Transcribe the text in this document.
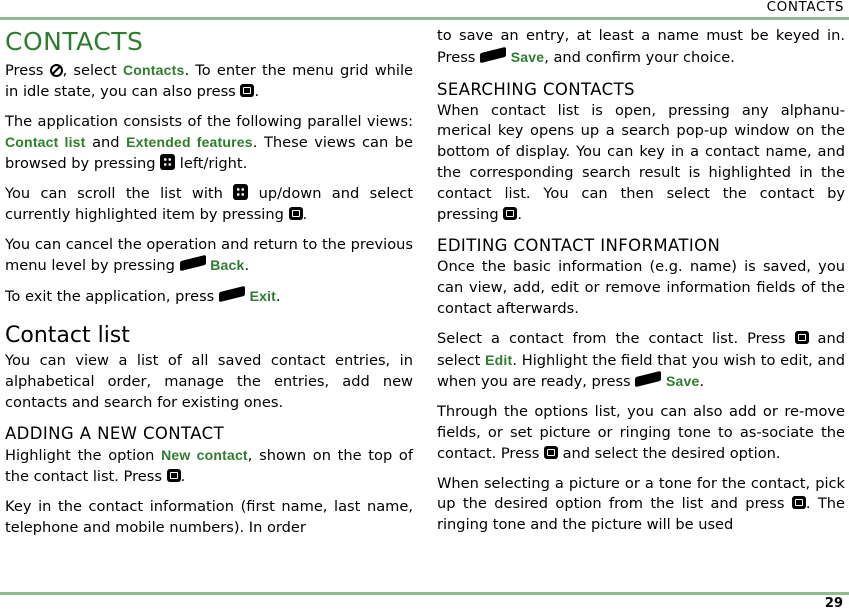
CONTACTS
CONTACTS

Press , select Contacts. To enter the menu grid while in idle state, you can also press .

The application consists of the following parallel views: Contact list and Extended features. These views can be browsed by pressing  left/right.

You can scroll the list with  up/down and select currently highlighted item by pressing .

You can cancel the operation and return to the previous menu level by pressing  Back.

To exit the application, press  Exit.

Contact list

You can view a list of all saved contact entries, in alphabetical order, manage the entries, add new contacts and search for existing ones.

ADDING A NEW CONTACT

Highlight the option New contact, shown on the top of the contact list. Press .

Key in the contact information (first name, last name, telephone and mobile numbers). In order

to save an entry, at least a name must be keyed in. Press  Save, and confirm your choice.

SEARCHING CONTACTS

When contact list is open, pressing any alphanu-merical key opens up a search pop-up window on the bottom of display. You can key in a contact name, and the corresponding search result is highlighted in the contact list. You can then select the contact by pressing .

EDITING CONTACT INFORMATION

Once the basic information (e.g. name) is saved, you can view, add, edit or remove information fields of the contact afterwards.

Select a contact from the contact list. Press  and select Edit. Highlight the field that you wish to edit, and when you are ready, press  Save.

Through the options list, you can also add or re-move fields, or set picture or ringing tone to as-sociate the contact. Press  and select the desired option.

When selecting a picture or a tone for the contact, pick up the desired option from the list and press . The ringing tone and the picture will be used

29
